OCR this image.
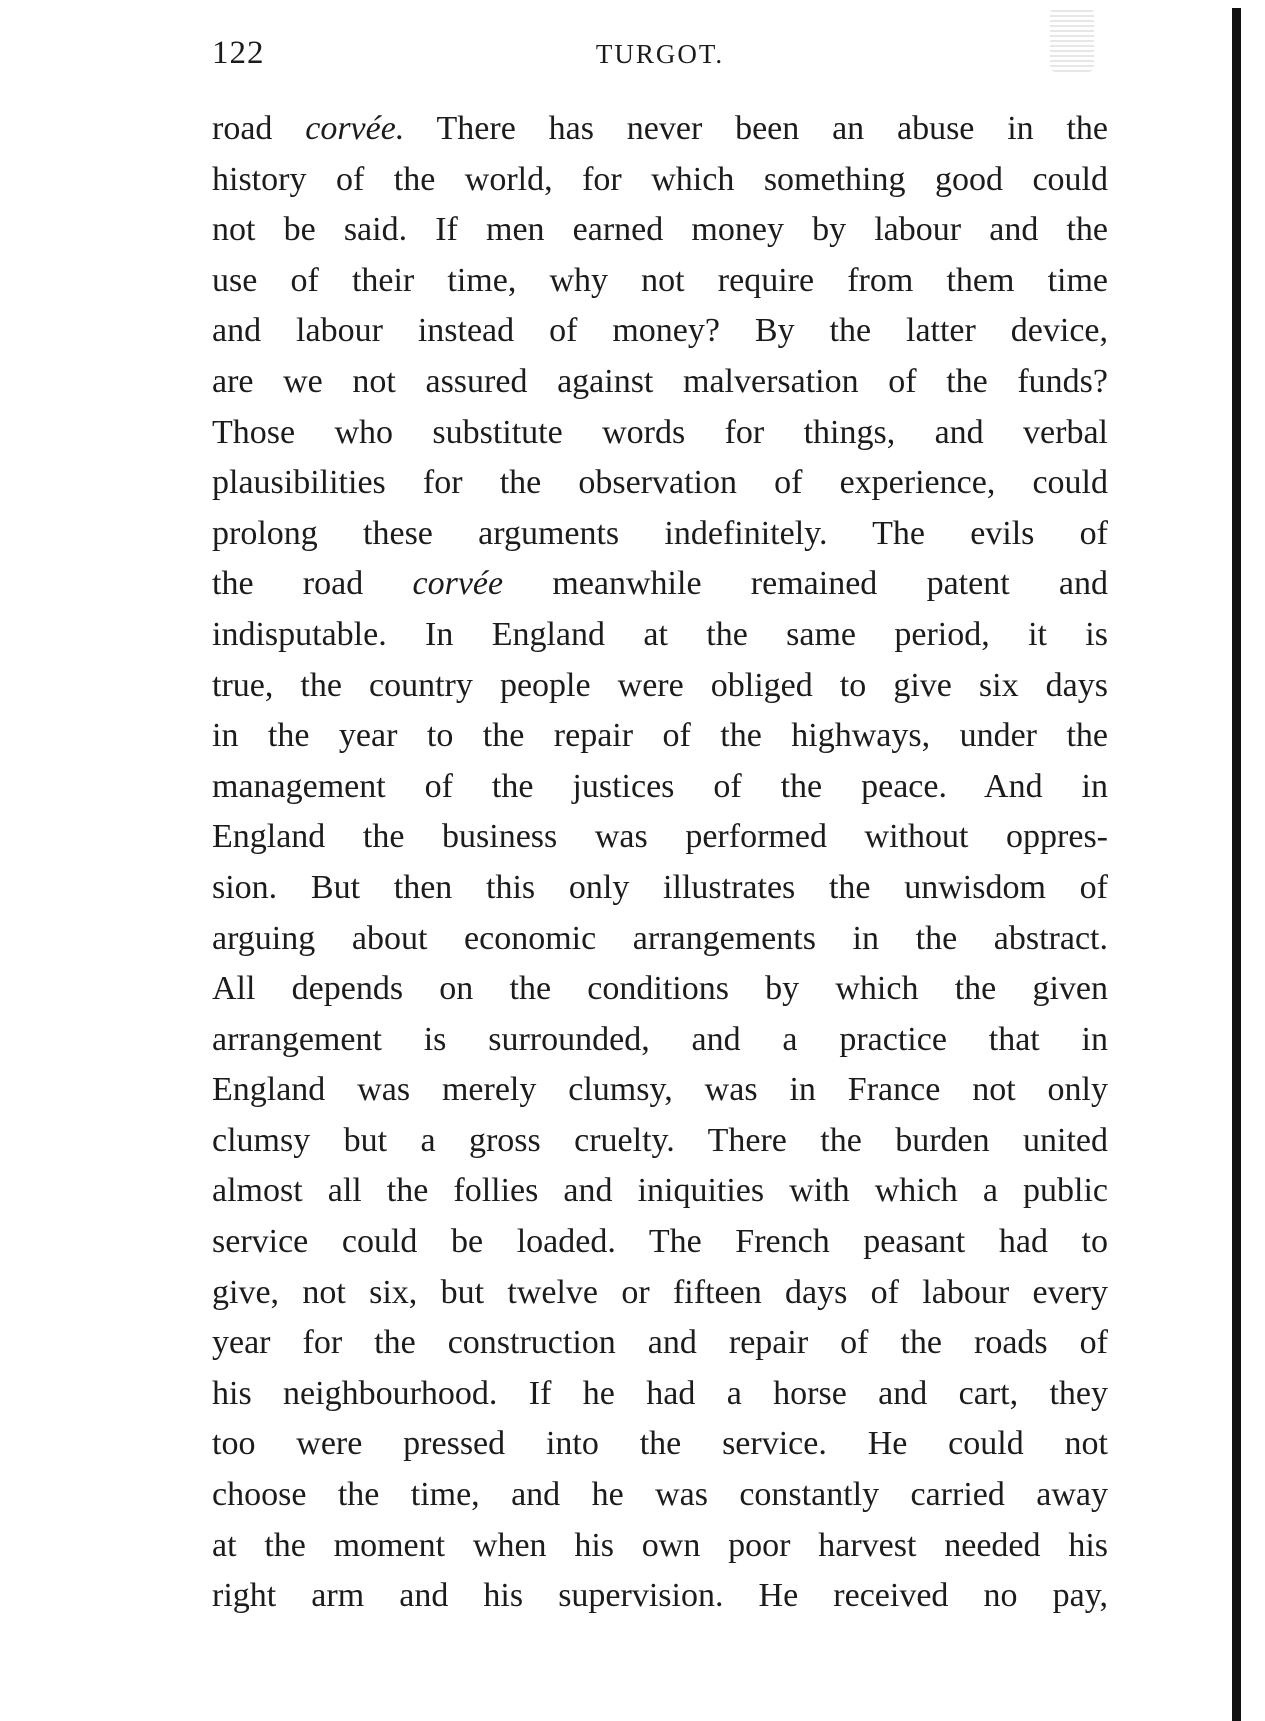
122	TURGOT.
road corvée. There has never been an abuse in the
history of the world, for which something good could
not be said. If men earned money by labour and the
use of their time, why not require from them time
and labour instead of money? By the latter device,
are we not assured against malversation of the funds?
Those who substitute words for things, and verbal
plausibilities for the observation of experience, could
prolong these arguments indefinitely. The evils of
the road corvée meanwhile remained patent and
indisputable. In England at the same period, it is
true, the country people were obliged to give six days
in the year to the repair of the highways, under the
management of the justices of the peace. And in
England the business was performed without oppres-
sion. But then this only illustrates the unwisdom of
arguing about economic arrangements in the abstract.
All depends on the conditions by which the given
arrangement is surrounded, and a practice that in
England was merely clumsy, was in France not only
clumsy but a gross cruelty. There the burden united
almost all the follies and iniquities with which a public
service could be loaded. The French peasant had to
give, not six, but twelve or fifteen days of labour every
year for the construction and repair of the roads of
his neighbourhood. If he had a horse and cart, they
too were pressed into the service. He could not
choose the time, and he was constantly carried away
at the moment when his own poor harvest needed his
right arm and his supervision. He received no pay,
